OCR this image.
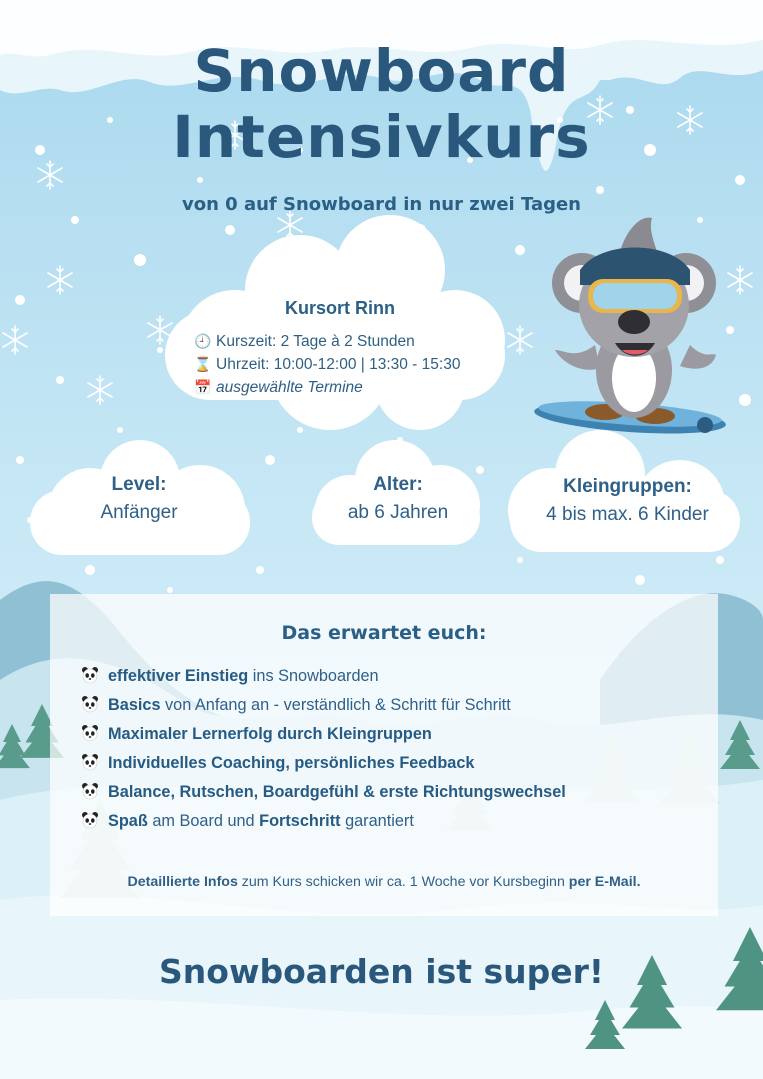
Snowboard
Intensivkurs
von 0 auf Snowboard in nur zwei Tagen
Kursort Rinn
🕘 Kurszeit: 2 Tage à 2 Stunden
⌛ Uhrzeit: 10:00-12:00 | 13:30 - 15:30
📅 ausgewählte Termine
Level:
Anfänger
Alter:
ab 6 Jahren
Kleingruppen:
4 bis max. 6 Kinder
Das erwartet euch:
effektiver Einstieg ins Snowboarden
Basics von Anfang an - verständlich & Schritt für Schritt
Maximaler Lernerfolg durch Kleingruppen
Individuelles Coaching, persönliches Feedback
Balance, Rutschen, Boardgefühl & erste Richtungswechsel
Spaß am Board und Fortschritt garantiert
Detaillierte Infos zum Kurs schicken wir ca. 1 Woche vor Kursbeginn per E-Mail.
Snowboarden ist super!
